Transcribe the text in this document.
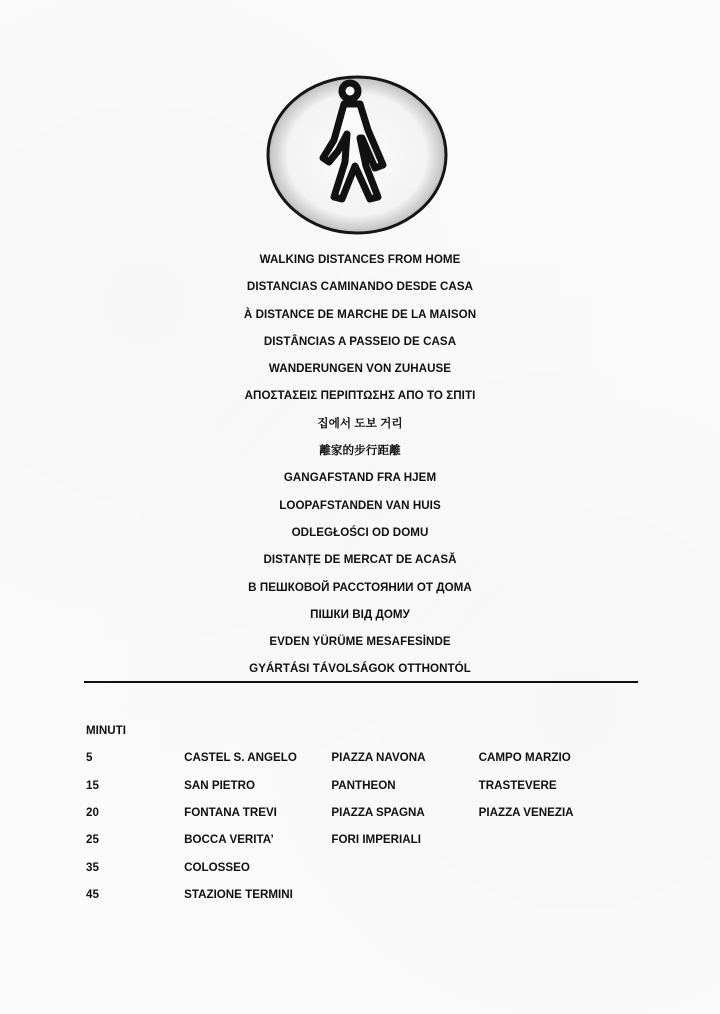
WALKING DISTANCES FROM HOME
DISTANCIAS CAMINANDO DESDE CASA
À DISTANCE DE MARCHE DE LA MAISON
DISTÂNCIAS A PASSEIO DE CASA
WANDERUNGEN VON ZUHAUSE
ΑΠΟΣΤΑΣΕΙΣ ΠΕΡΙΠΤΩΣΗΣ ΑΠΟ ΤΟ ΣΠΙΤΙ
집에서 도보 거리
離家的步行距離
GANGAFSTAND FRA HJEM
LOOPAFSTANDEN VAN HUIS
ODLEGŁOŚCI OD DOMU
DISTANȚE DE MERCAT DE ACASĂ
В ПЕШКОВОЙ РАССТОЯНИИ ОТ ДОМА
ПІШКИ ВІД ДОМУ
EVDEN YÜRÜME MESAFESİNDE
GYÁRTÁSI TÁVOLSÁGOK OTTHONTÓL
MINUTI
5	CASTEL S. ANGELO	PIAZZA NAVONA	CAMPO MARZIO
15	SAN PIETRO	PANTHEON	TRASTEVERE
20	FONTANA TREVI	PIAZZA SPAGNA	PIAZZA VENEZIA
25	BOCCA VERITA’	FORI IMPERIALI	
35	COLOSSEO		
45	STAZIONE TERMINI		
